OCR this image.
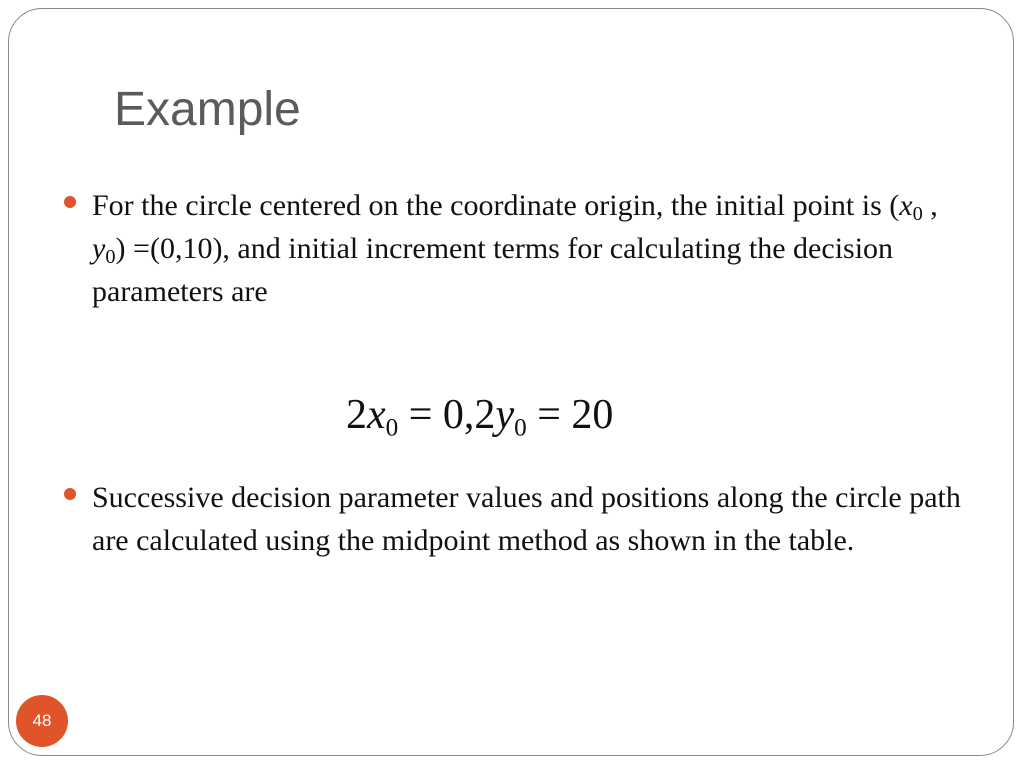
Example
For the circle centered on the coordinate origin, the initial point is ($x_0$ , $y_0) =(0,10)$, and initial increment terms for calculating the decision parameters are

$2x_0 = 0,2y_0 = 20$

Successive decision parameter values and positions along the circle path are calculated using the midpoint method as shown in the table.
48
